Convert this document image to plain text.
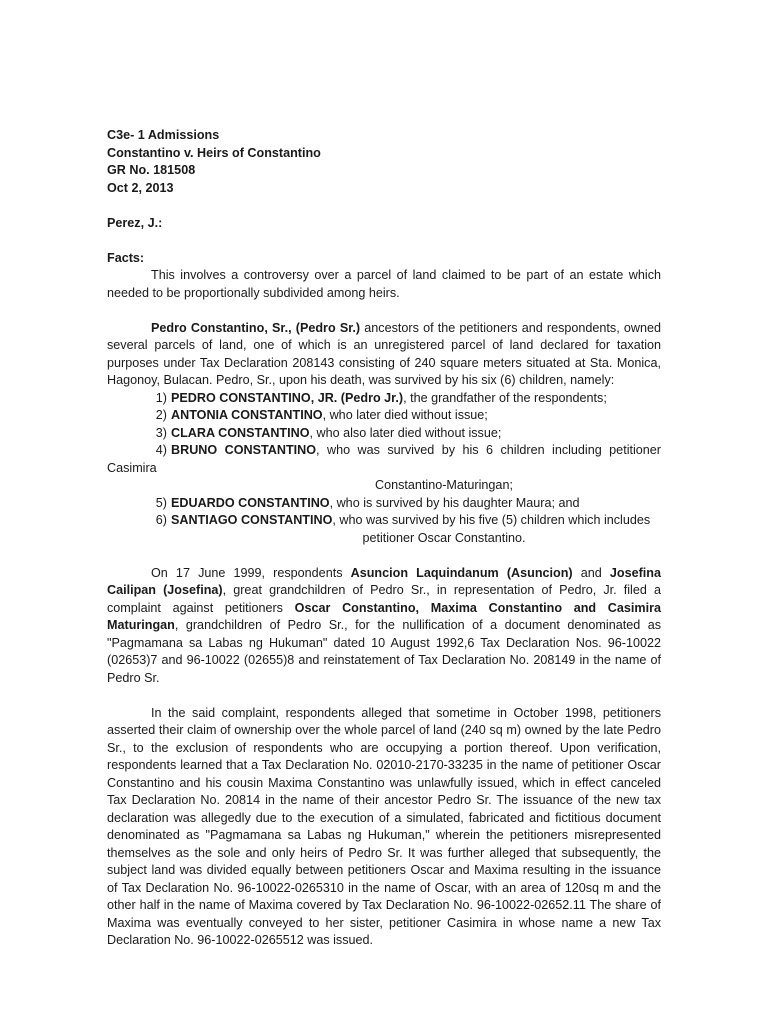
C3e- 1 Admissions
Constantino v. Heirs of Constantino
GR No. 181508
Oct 2, 2013
Perez, J.:
Facts:

This involves a controversy over a parcel of land claimed to be part of an estate which needed to be proportionally subdivided among heirs.

Pedro Constantino, Sr., (Pedro Sr.) ancestors of the petitioners and respondents, owned several parcels of land, one of which is an unregistered parcel of land declared for taxation purposes under Tax Declaration 208143 consisting of 240 square meters situated at Sta. Monica, Hagonoy, Bulacan. Pedro, Sr., upon his death, was survived by his six (6) children, namely:

1) PEDRO CONSTANTINO, JR. (Pedro Jr.), the grandfather of the respondents;
2) ANTONIA CONSTANTINO, who later died without issue;
3) CLARA CONSTANTINO, who also later died without issue;
4) BRUNO CONSTANTINO, who was survived by his 6 children including petitioner Casimira
Constantino-Maturingan;
5) EDUARDO CONSTANTINO, who is survived by his daughter Maura; and
6) SANTIAGO CONSTANTINO, who was survived by his five (5) children which includes
petitioner Oscar Constantino.

On 17 June 1999, respondents Asuncion Laquindanum (Asuncion) and Josefina Cailipan (Josefina), great grandchildren of Pedro Sr., in representation of Pedro, Jr. filed a complaint against petitioners Oscar Constantino, Maxima Constantino and Casimira Maturingan, grandchildren of Pedro Sr., for the nullification of a document denominated as "Pagmamana sa Labas ng Hukuman" dated 10 August 1992,6 Tax Declaration Nos. 96-10022 (02653)7 and 96-10022 (02655)8 and reinstatement of Tax Declaration No. 208149 in the name of Pedro Sr.

In the said complaint, respondents alleged that sometime in October 1998, petitioners asserted their claim of ownership over the whole parcel of land (240 sq m) owned by the late Pedro Sr., to the exclusion of respondents who are occupying a portion thereof. Upon verification, respondents learned that a Tax Declaration No. 02010-2170-33235 in the name of petitioner Oscar Constantino and his cousin Maxima Constantino was unlawfully issued, which in effect canceled Tax Declaration No. 20814 in the name of their ancestor Pedro Sr. The issuance of the new tax declaration was allegedly due to the execution of a simulated, fabricated and fictitious document denominated as "Pagmamana sa Labas ng Hukuman," wherein the petitioners misrepresented themselves as the sole and only heirs of Pedro Sr. It was further alleged that subsequently, the subject land was divided equally between petitioners Oscar and Maxima resulting in the issuance of Tax Declaration No. 96-10022-0265310 in the name of Oscar, with an area of 120sq m and the other half in the name of Maxima covered by Tax Declaration No. 96-10022-02652.11 The share of Maxima was eventually conveyed to her sister, petitioner Casimira in whose name a new Tax Declaration No. 96-10022-0265512 was issued.
